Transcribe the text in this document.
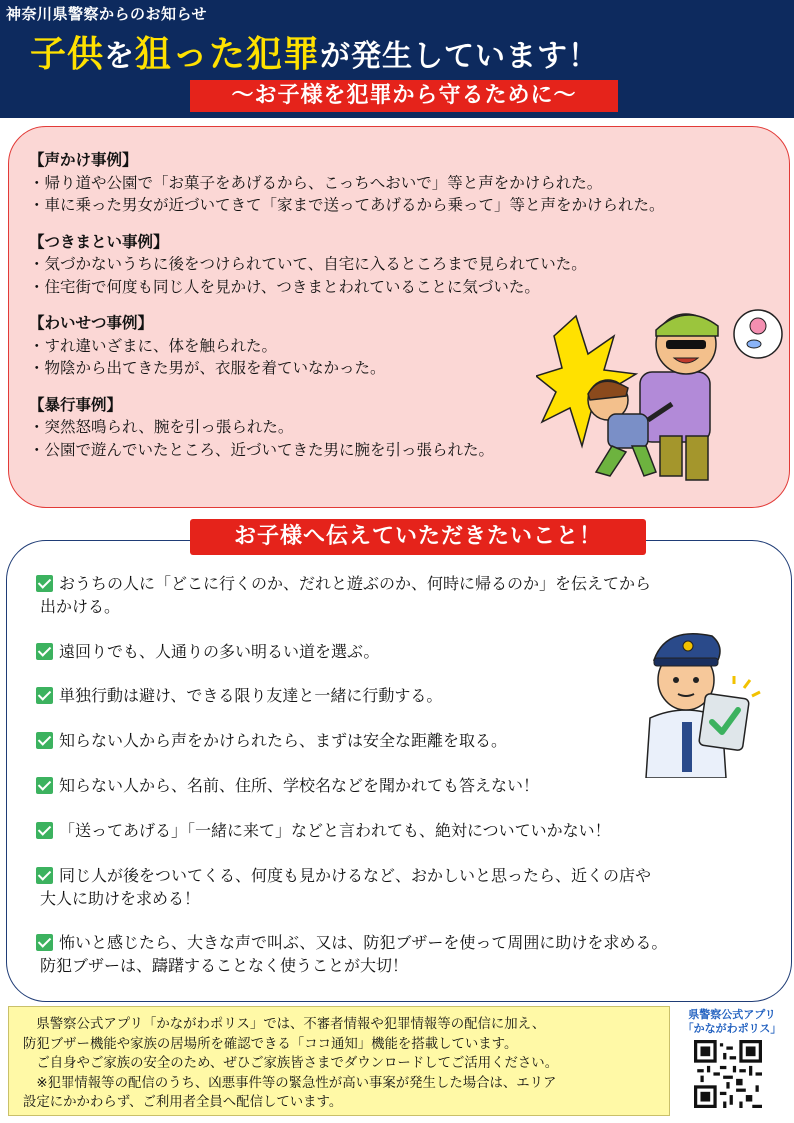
神奈川県警察からのお知らせ
子供を狙った犯罪が発生しています！
～お子様を犯罪から守るために～
【声かけ事例】
・帰り道や公園で「お菓子をあげるから、こっちへおいで」等と声をかけられた。
・車に乗った男女が近づいてきて「家まで送ってあげるから乗って」等と声をかけられた。
【つきまとい事例】
・気づかないうちに後をつけられていて、自宅に入るところまで見られていた。
・住宅街で何度も同じ人を見かけ、つきまとわれていることに気づいた。
【わいせつ事例】
・すれ違いざまに、体を触られた。
・物陰から出てきた男が、衣服を着ていなかった。
【暴行事例】
・突然怒鳴られ、腕を引っ張られた。
・公園で遊んでいたところ、近づいてきた男に腕を引っ張られた。
お子様へ伝えていただきたいこと！
おうちの人に「どこに行くのか、だれと遊ぶのか、何時に帰るのか」を伝えてから
出かける。
遠回りでも、人通りの多い明るい道を選ぶ。
単独行動は避け、できる限り友達と一緒に行動する。
知らない人から声をかけられたら、まずは安全な距離を取る。
知らない人から、名前、住所、学校名などを聞かれても答えない！
「送ってあげる」「一緒に来て」などと言われても、絶対についていかない！
同じ人が後をついてくる、何度も見かけるなど、おかしいと思ったら、近くの店や
大人に助けを求める！
怖いと感じたら、大きな声で叫ぶ、又は、防犯ブザーを使って周囲に助けを求める。
防犯ブザーは、躊躇することなく使うことが大切！
　県警察公式アプリ「かながわポリス」では、不審者情報や犯罪情報等の配信に加え、
防犯ブザー機能や家族の居場所を確認できる「ココ通知」機能を搭載しています。
　ご自身やご家族の安全のため、ぜひご家族皆さまでダウンロードしてご活用ください。
　※犯罪情報等の配信のうち、凶悪事件等の緊急性が高い事案が発生した場合は、エリア
設定にかかわらず、ご利用者全員へ配信しています。
県警察公式アプリ
「かながわポリス」
